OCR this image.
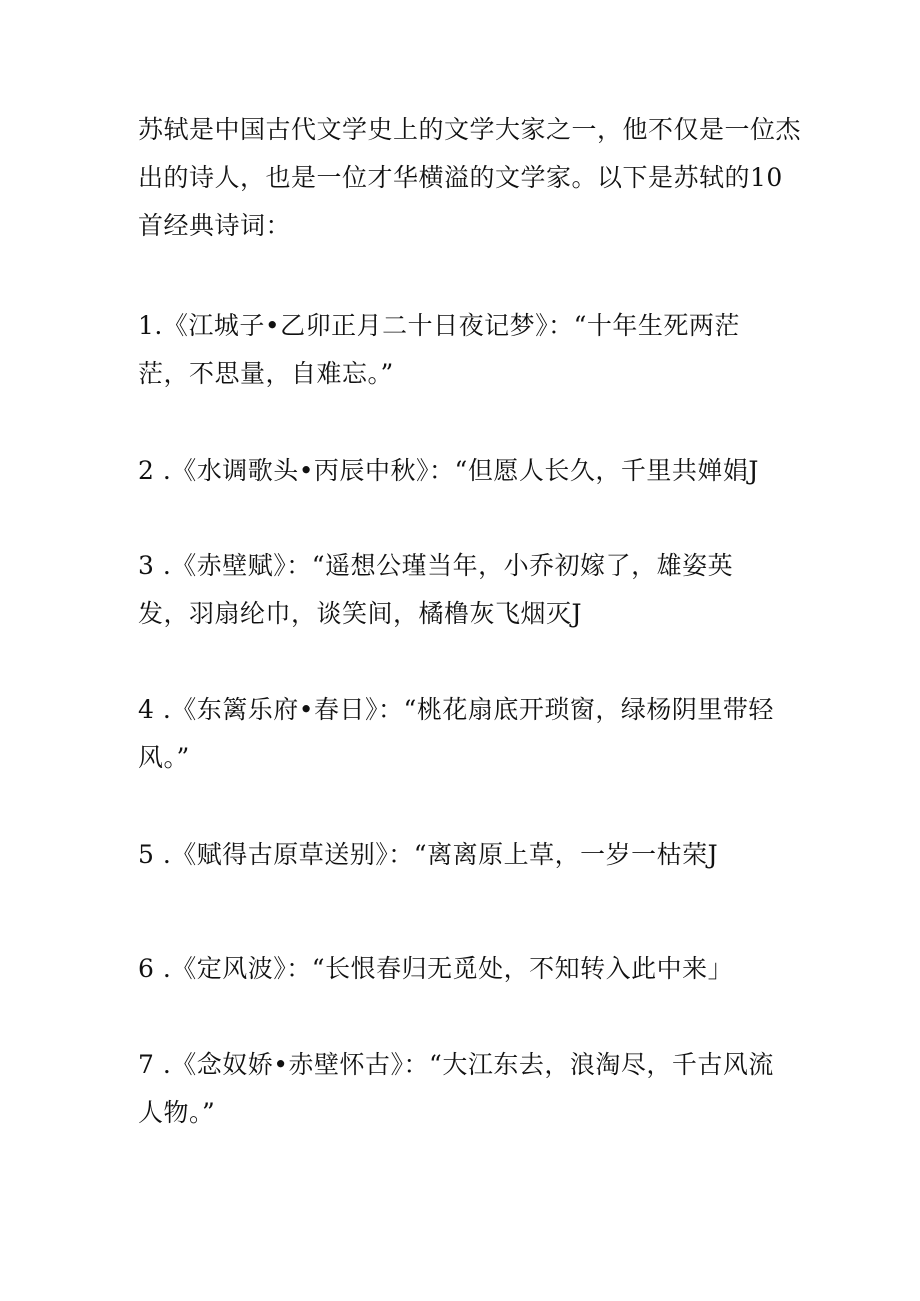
苏轼是中国古代文学史上的文学大家之一，他不仅是一位杰
出的诗人，也是一位才华横溢的文学家。以下是苏轼的10
首经典诗词：

1.《江城子•乙卯正月二十日夜记梦》：“十年生死两茫
茫，不思量，自难忘。”

2 .《水调歌头•丙辰中秋》：“但愿人长久，千里共婵娟J

3 .《赤壁赋》：“遥想公瑾当年，小乔初嫁了，雄姿英
发，羽扇纶巾，谈笑间，橘橹灰飞烟灭J

4 .《东篱乐府•春日》：“桃花扇底开琐窗，绿杨阴里带轻
风。”

5 .《赋得古原草送别》：“离离原上草，一岁一枯荣J

6 .《定风波》：“长恨春归无觅处，不知转入此中来」

7 .《念奴娇•赤壁怀古》：“大江东去，浪淘尽，千古风流
人物。”
